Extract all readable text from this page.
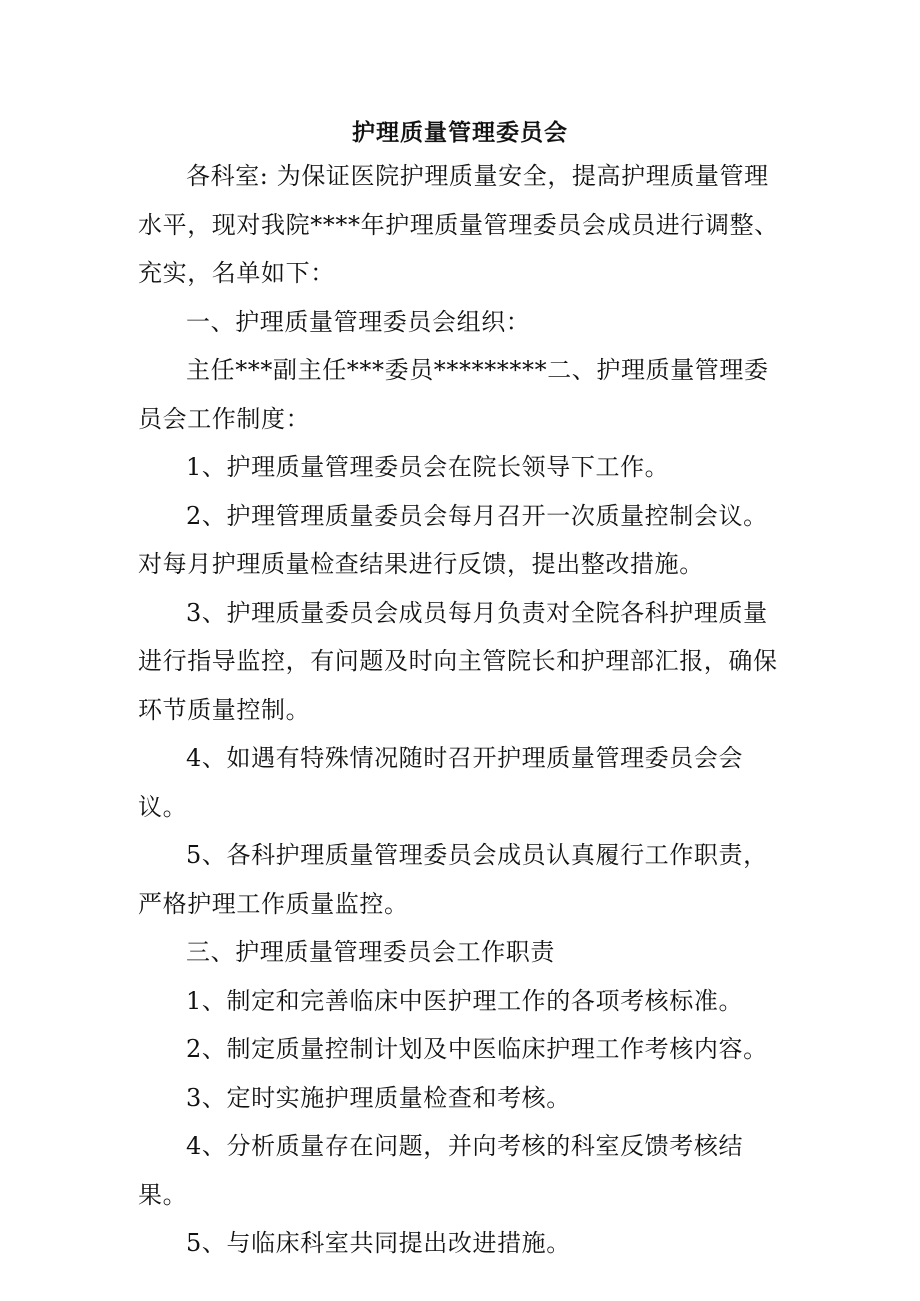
护理质量管理委员会

各科室: 为保证医院护理质量安全，提高护理质量管理水平，现对我院****年护理质量管理委员会成员进行调整、充实，名单如下：

一、护理质量管理委员会组织：

主任***副主任***委员*********二、护理质量管理委员会工作制度：

1、护理质量管理委员会在院长领导下工作。

2、护理管理质量委员会每月召开一次质量控制会议。

对每月护理质量检查结果进行反馈，提出整改措施。

3、护理质量委员会成员每月负责对全院各科护理质量进行指导监控，有问题及时向主管院长和护理部汇报，确保环节质量控制。

4、如遇有特殊情况随时召开护理质量管理委员会会议。

5、各科护理质量管理委员会成员认真履行工作职责，严格护理工作质量监控。

三、护理质量管理委员会工作职责

1、制定和完善临床中医护理工作的各项考核标准。

2、制定质量控制计划及中医临床护理工作考核内容。

3、定时实施护理质量检查和考核。

4、分析质量存在问题，并向考核的科室反馈考核结果。

5、与临床科室共同提出改进措施。
